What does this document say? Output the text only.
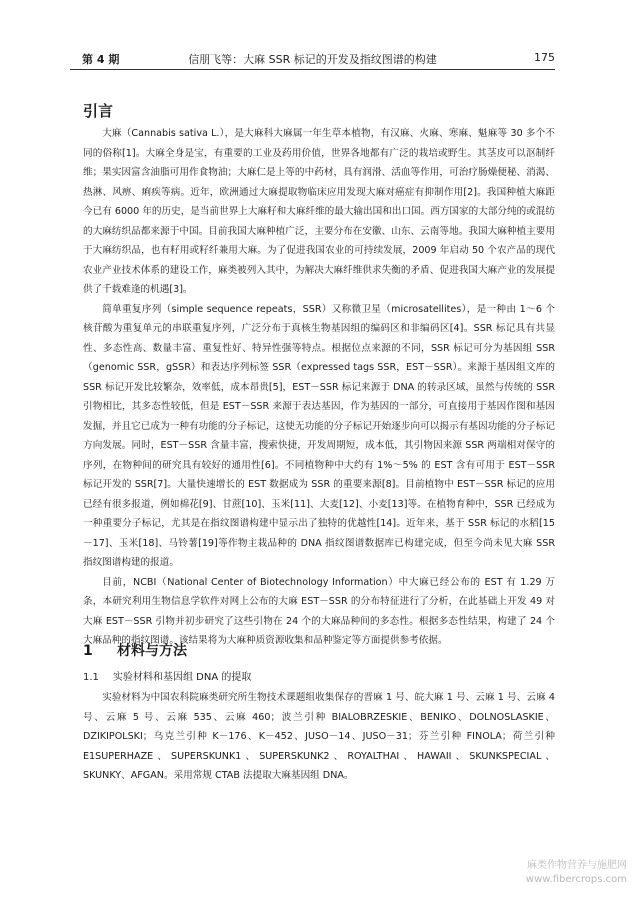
第 4 期	信朋飞等：大麻 SSR 标记的开发及指纹图谱的构建	175
引言

大麻（Cannabis sativa L.），是大麻科大麻属一年生草本植物，有汉麻、火麻、寒麻、魁麻等 30 多个不同的俗称[1]。大麻全身是宝，有重要的工业及药用价值，世界各地都有广泛的栽培或野生。其茎皮可以沤制纤维；果实因富含油脂可用作食物油；大麻仁是上等的中药材，具有润滑、活血等作用，可治疗肠燥便秘、消渴、热淋、风痹、痢疾等病。近年，欧洲通过大麻提取物临床应用发现大麻对癌症有抑制作用[2]。我国种植大麻距今已有 6000 年的历史，是当前世界上大麻籽和大麻纤维的最大输出国和出口国。西方国家的大部分纯的或混纺的大麻纺织品都来源于中国。目前我国大麻种植广泛，主要分布在安徽、山东、云南等地。我国大麻种植主要用于大麻纺织品，也有籽用或籽纤兼用大麻。为了促进我国农业的可持续发展，2009 年启动 50 个农产品的现代农业产业技术体系的建设工作，麻类被列入其中，为解决大麻纤维供求失衡的矛盾、促进我国大麻产业的发展提供了千载难逢的机遇[3]。

简单重复序列（simple sequence repeats，SSR）又称微卫星（microsatellites），是一种由 1～6 个核苷酸为重复单元的串联重复序列，广泛分布于真核生物基因组的编码区和非编码区[4]。SSR 标记具有共显性、多态性高、数量丰富、重复性好、特异性强等特点。根据位点来源的不同，SSR 标记可分为基因组 SSR（genomic SSR，gSSR）和表达序列标签 SSR（expressed tags SSR，EST－SSR）。来源于基因组文库的 SSR 标记开发比较繁杂，效率低，成本昂贵[5]，EST－SSR 标记来源于 DNA 的转录区域，虽然与传统的 SSR 引物相比，其多态性较低，但是 EST－SSR 来源于表达基因，作为基因的一部分，可直接用于基因作图和基因发掘，并且它已成为一种有功能的分子标记，这使无功能的分子标记开始逐步向可以揭示有基因功能的分子标记方向发展。同时，EST－SSR 含量丰富，搜索快捷，开发周期短，成本低，其引物因来源 SSR 两端相对保守的序列，在物种间的研究具有较好的通用性[6]。不同植物种中大约有 1%～5% 的 EST 含有可用于 EST－SSR 标记开发的 SSR[7]。大量快速增长的 EST 数据成为 SSR 的重要来源[8]。目前植物中 EST－SSR 标记的应用已经有很多报道，例如棉花[9]、甘蔗[10]、玉米[11]、大麦[12]、小麦[13]等。在植物育种中，SSR 已经成为一种重要分子标记，尤其是在指纹图谱构建中显示出了独特的优越性[14]。近年来，基于 SSR 标记的水稻[15－17]、玉米[18]、马铃薯[19]等作物主栽品种的 DNA 指纹图谱数据库已构建完成，但至今尚未见大麻 SSR 指纹图谱构建的报道。

目前，NCBI（National Center of Biotechnology Information）中大麻已经公布的 EST 有 1.29 万条，本研究利用生物信息学软件对网上公布的大麻 EST－SSR 的分布特征进行了分析，在此基础上开发 49 对大麻 EST－SSR 引物并初步研究了这些引物在 24 个的大麻品种间的多态性。根据多态性结果，构建了 24 个大麻品种的指纹图谱。该结果将为大麻种质资源收集和品种鉴定等方面提供参考依据。

1 材料与方法
1.1 实验材料和基因组 DNA 的提取

实验材料为中国农科院麻类研究所生物技术课题组收集保存的晋麻 1 号、皖大麻 1 号、云麻 1 号、云麻 4 号、云麻 5 号、云麻 535、云麻 460；波兰引种 BIALOBRZESKIE、BENIKO、DOLNOSLASKIE、DZIKIPOLSKI；乌克兰引种 K－176、K－452、JUSO－14、JUSO－31；芬兰引种 FINOLA；荷兰引种 E1SUPERHAZE、SUPERSKUNK1、SUPERSKUNK2、ROYALTHAI、HAWAII、SKUNKSPECIAL、SKUNKY、AFGAN。采用常规 CTAB 法提取大麻基因组 DNA。

麻类作物营养与施肥网
www.fibercrops.com
